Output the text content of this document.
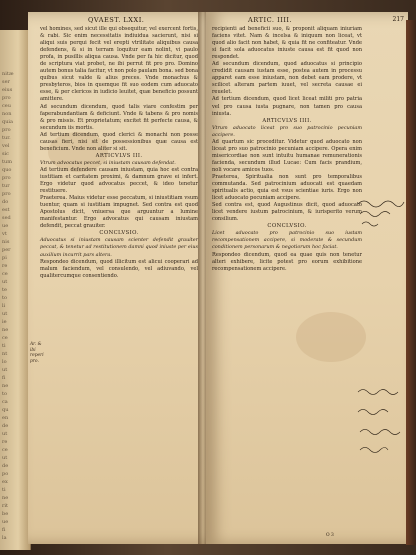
nitæ
ser
eius
pro
ceu
non
quia
pro
tur.
vel
sic
tum
quo
pro
tur
pro
do
est
sed
ue
vt
nis
per
pi
re
ce
ut
te
to
li
ut
ie
ne
ce
ti
nt
lo
ut
fi
ne
to
ca
qu
en
de
ut
re
ce
ut
de
po
ex
ti
ne
rit
be
ue
fi
la
QVAEST. LXXI.

vel homines, sed sicut ille qui obsequitur, vel exercent fortis, & rabi. Sic enim necessitatis indiuidua sacierunt, nisi si aliqui suis perqui fecit vel erepti vtrilitate aliquibus causa defendens, & si in terram loquitur eam nolint, vi paulo profa, in pusillis aliqua causa. Vnde per fa hic dicitur, quod de scriptura viat probet, ne ibi perrut fit pro pro. Domino autem bonus talia facitur, vt non polo paulam bona. sed bona quibus sicut valde & alius preces. Vnde monachus & presbyteros, bios in quemque fit suo eodem cum aduocato esse, & per clericos in iudicio leuitet, quæ beneficio possunt amittere.

Ad secundum dicendum, quod talis viare confestim per faperabundantiam & deficiunt. Vnde & tabens & pro nomis & pro missis. Et proprietatum; excitet fit perfecte causa, & secundum iis mortis.

Ad tertium dicendum, quod clerici & monachi non posse causas fieri, nisi sit de possessionibus quæ causa est beneficium. Vnde non aliter si sit.

ARTICVLVS III.

Vtrum advocatus peccet, si iniustam causam defendat.

Ad tertium defendere causam iniustam, quia hoc est contra iustitiam et caritatem proximi, & damnum grave ei infert. Ergo videtur quod advocatus peccet, & ideo tenetur restituere.

Praeterea. Maius videtur esse peccatum, si iniustitiam vsum tuentur, quam si iustitiam impugnet. Sed contra est quod Apostolus dicit, vniuersa que arguuntur a lumine manifestantur. Ergo advocatus qui causam iniustam defendit, peccat grauiter.

CONCLVSIO.

Aduocatus si iniustam causam scienter defendit grauiter peccat, & tenetur ad restitutionem damni quod iniuste per eius auxilium incurrit pars altera.

Respondeo dicendum, quod illicitum est alicui cooperari ad malum faciendum, vel consulendo, vel adiuvando, vel qualitercumque consentiendo.

Ar. & ibi reperi pro.
ARTIC. IIII.	217

recipienti ad beneficii suo, & proponit aliquam iniuriam faciens vitet. Nam & incelsa & iniquum non liceat, vt quod alio facit non habet, & quia fit ne confiteatur. Vnde si facit sola aduocatus iniuste causa est fit quod non respondet.

Ad secundum dicendum, quod aduocatus si principio credidit causam iustam esse, postea autem in processu apparet eam esse iniustam, non debet eam prodere, vt scilicet alteram partem iuuet, vel secreta causae ei reuelet.

Ad tertium dicendum, quod licet liceat militi pro patria vel pro causa iusta pugnare, non tamen pro causa iniusta.

ARTICVLVS IIII.

Vtrum aduocato liceat pro suo patrocinio pecuniam accipere.

Ad quartum sic proceditur. Videtur quod aduocato non liceat pro suo patrocinio pecuniam accipere. Opera enim misericordiae non sunt intuitu humanae remunerationis facienda, secundum illud Lucae: Cum facis prandium, noli vocare amicos tuos.

Praeterea, Spiritualia non sunt pro temporalibus commutanda. Sed patrocinium aduocati est quaedam spiritualis actio, quia est vsus scientiae iuris. Ergo non licet aduocato pecuniam accipere.

Sed contra est, quod Augustinus dicit, quod aduocato licet vendere iustum patrocinium, & iurisperito verum consilium.

CONCLVSIO.

Licet aduocato pro patrocinio suo iustam recompensationem accipere, si moderate & secundum conditionem personarum & negotiorum hoc faciat.

Respondeo dicendum, quod ea quae quis non tenetur alteri exhibere, licite potest pro eorum exhibitione recompensationem accipere.

O 3
